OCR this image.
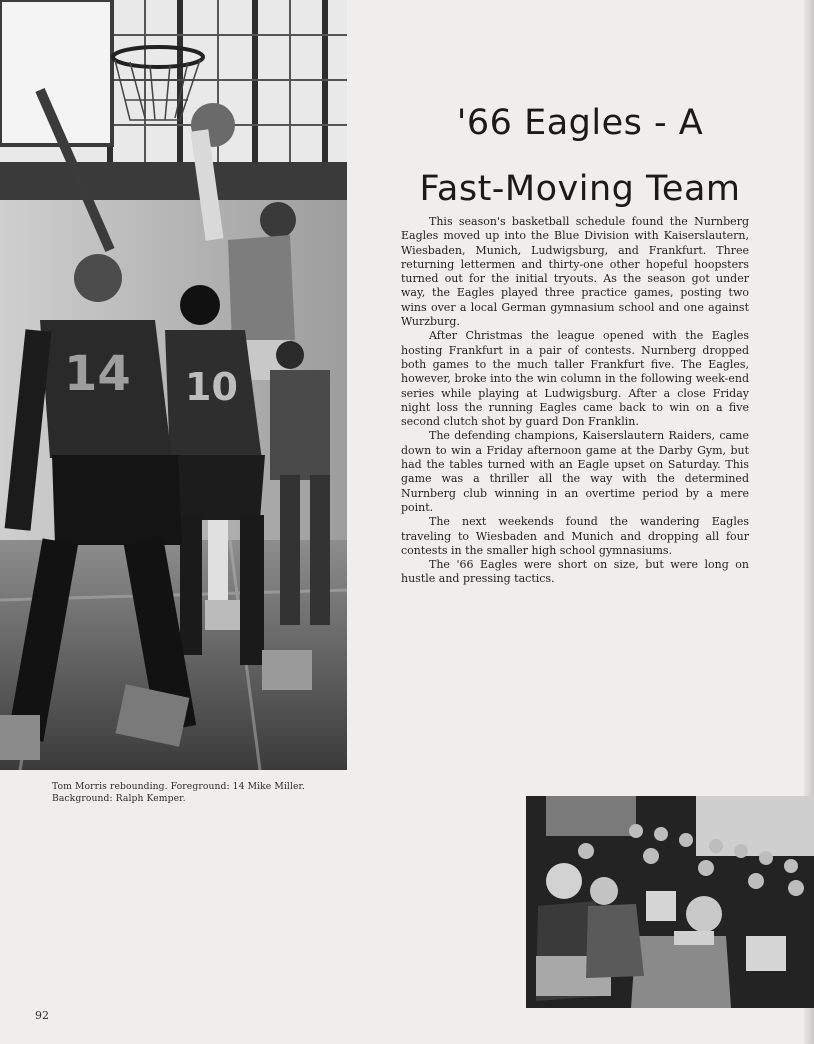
10
14
Tom Morris rebounding. Foreground: 14 Mike Miller. Background: Ralph Kemper.
'66 Eagles - A
Fast-Moving Team

This season's basketball schedule found the Nurnberg Eagles moved up into the Blue Division with Kaiserslautern, Wiesbaden, Munich, Ludwigsburg, and Frankfurt. Three returning lettermen and thirty-one other hopeful hoopsters turned out for the initial tryouts. As the season got under way, the Eagles played three practice games, posting two wins over a local German gymnasium school and one against Wurzburg.

After Christmas the league opened with the Eagles hosting Frankfurt in a pair of contests. Nurnberg dropped both games to the much taller Frankfurt five. The Eagles, however, broke into the win column in the following week-end series while playing at Ludwigsburg. After a close Friday night loss the running Eagles came back to win on a five second clutch shot by guard Don Franklin.

The defending champions, Kaiserslautern Raiders, came down to win a Friday afternoon game at the Darby Gym, but had the tables turned with an Eagle upset on Saturday. This game was a thriller all the way with the determined Nurnberg club winning in an overtime period by a mere point.

The next weekends found the wandering Eagles traveling to Wiesbaden and Munich and dropping all four contests in the smaller high school gymnasiums.

The '66 Eagles were short on size, but were long on hustle and pressing tactics.

92
